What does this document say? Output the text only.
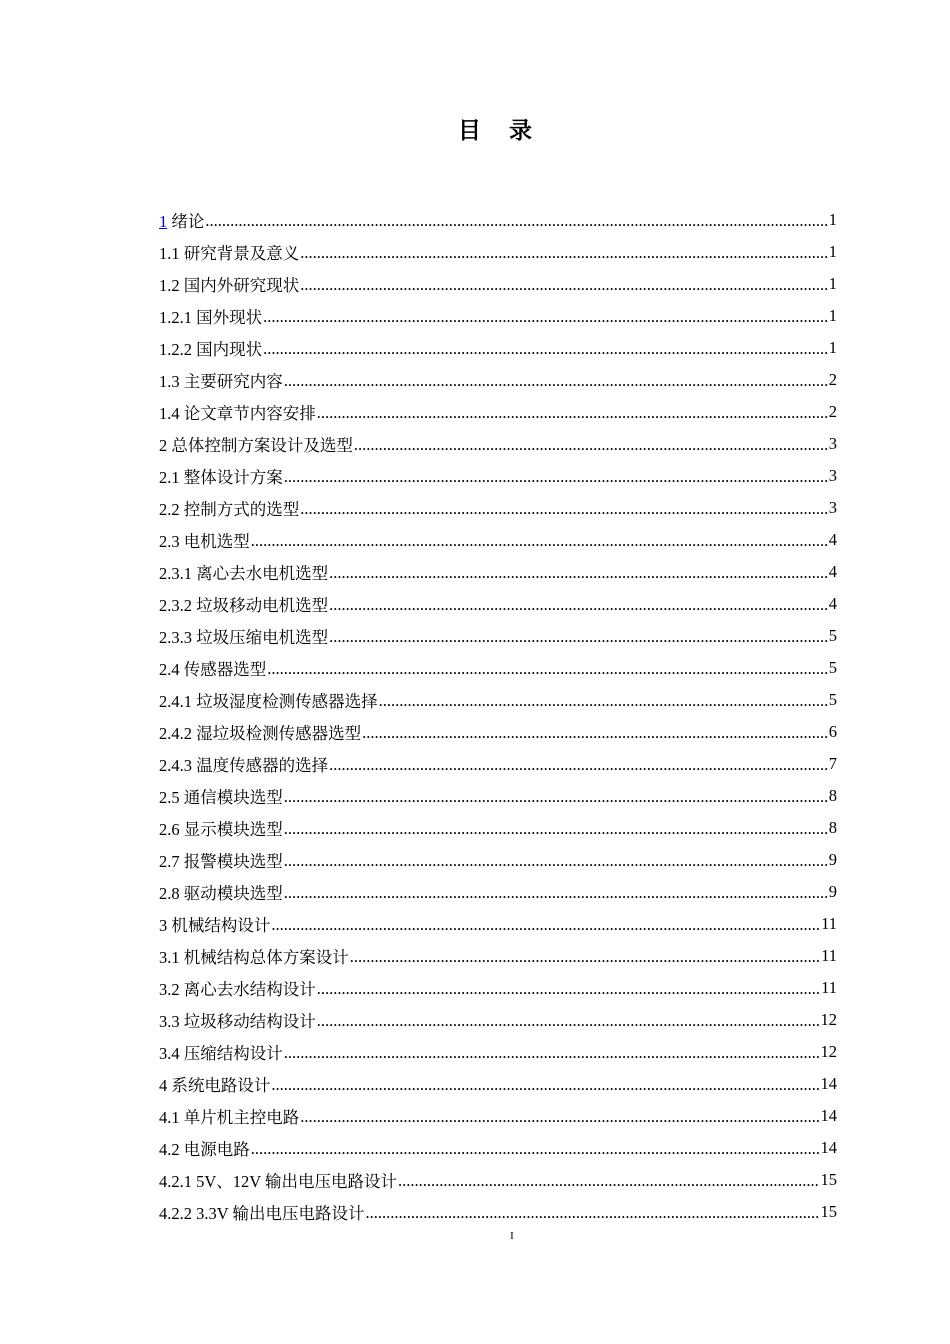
目 录
1 绪论 .....	1
1.1 研究背景及意义 .....	1
1.2 国内外研究现状 .....	1
1.2.1 国外现状 .....	1
1.2.2 国内现状 .....	1
1.3 主要研究内容 .....	2
1.4 论文章节内容安排 .....	2
2 总体控制方案设计及选型 .....	3
2.1 整体设计方案 .....	3
2.2 控制方式的选型 .....	3
2.3 电机选型 .....	4
2.3.1 离心去水电机选型 .....	4
2.3.2 垃圾移动电机选型 .....	4
2.3.3 垃圾压缩电机选型 .....	5
2.4 传感器选型 .....	5
2.4.1 垃圾湿度检测传感器选择 .....	5
2.4.2 湿垃圾检测传感器选型 .....	6
2.4.3 温度传感器的选择 .....	7
2.5 通信模块选型 .....	8
2.6 显示模块选型 .....	8
2.7 报警模块选型 .....	9
2.8 驱动模块选型 .....	9
3 机械结构设计 .....	11
3.1 机械结构总体方案设计 .....	11
3.2 离心去水结构设计 .....	11
3.3 垃圾移动结构设计 .....	12
3.4 压缩结构设计 .....	12
4 系统电路设计 .....	14
4.1 单片机主控电路 .....	14
4.2 电源电路 .....	14
4.2.1 5V、12V 输出电压电路设计 .....	15
4.2.2 3.3V 输出电压电路设计 .....	15
I
